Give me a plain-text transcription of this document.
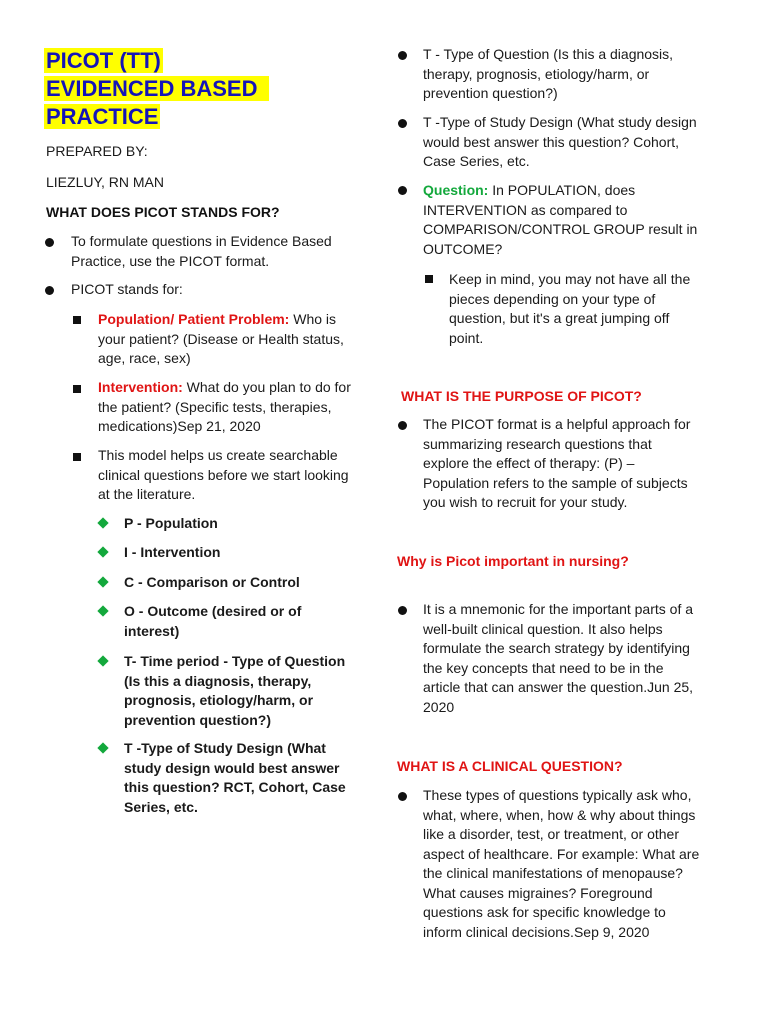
PICOT (TT)
EVIDENCED BASED
PRACTICE
PREPARED BY:
LIEZLUY, RN MAN
WHAT DOES PICOT STANDS FOR?
To formulate questions in Evidence Based
Practice, use the PICOT format.
PICOT stands for:
Population/ Patient Problem: Who is
your patient? (Disease or Health status,
age, race, sex)
Intervention: What do you plan to do for
the patient? (Specific tests, therapies,
medications)Sep 21, 2020
This model helps us create searchable
clinical questions before we start looking
at the literature.
P - Population
I - Intervention
C - Comparison or Control
O - Outcome (desired or of
interest)
T- Time period - Type of Question
(Is this a diagnosis, therapy,
prognosis, etiology/harm, or
prevention question?)
T -Type of Study Design (What
study design would best answer
this question? RCT, Cohort, Case
Series, etc.
T - Type of Question (Is this a diagnosis,
therapy, prognosis, etiology/harm, or
prevention question?)
T -Type of Study Design (What study design
would best answer this question? Cohort,
Case Series, etc.
Question: In POPULATION, does
INTERVENTION as compared to
COMPARISON/CONTROL GROUP result in
OUTCOME?
Keep in mind, you may not have all the
pieces depending on your type of
question, but it's a great jumping off
point.
WHAT IS THE PURPOSE OF PICOT?
The PICOT format is a helpful approach for
summarizing research questions that
explore the effect of therapy: (P) –
Population refers to the sample of subjects
you wish to recruit for your study.
Why is Picot important in nursing?
It is a mnemonic for the important parts of a
well-built clinical question. It also helps
formulate the search strategy by identifying
the key concepts that need to be in the
article that can answer the question.Jun 25,
2020
WHAT IS A CLINICAL QUESTION?
These types of questions typically ask who,
what, where, when, how & why about things
like a disorder, test, or treatment, or other
aspect of healthcare. For example: What are
the clinical manifestations of menopause?
What causes migraines? Foreground
questions ask for specific knowledge to
inform clinical decisions.Sep 9, 2020
